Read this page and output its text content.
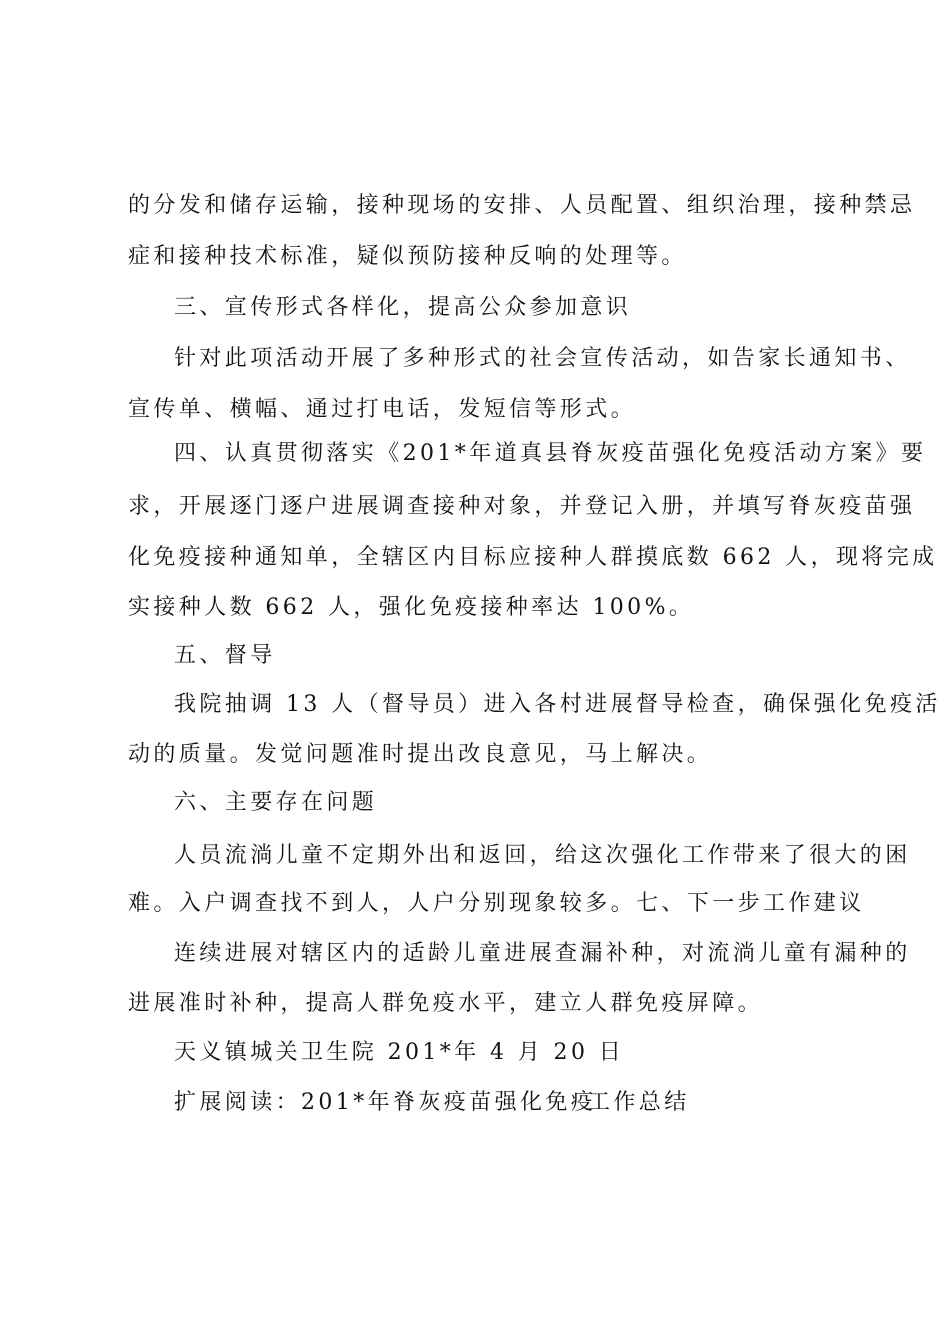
的分发和储存运输，接种现场的安排、人员配置、组织治理，接种禁忌
症和接种技术标准，疑似预防接种反响的处理等。
三、宣传形式各样化，提高公众参加意识
针对此项活动开展了多种形式的社会宣传活动，如告家长通知书、
宣传单、横幅、通过打电话，发短信等形式。
四、认真贯彻落实《201*年道真县脊灰疫苗强化免疫活动方案》要
求，开展逐门逐户进展调查接种对象，并登记入册，并填写脊灰疫苗强
化免疫接种通知单，全辖区内目标应接种人群摸底数 662 人，现将完成
实接种人数 662 人，强化免疫接种率达 100%。
五、督导
我院抽调 13 人（督导员）进入各村进展督导检查，确保强化免疫活
动的质量。发觉问题准时提出改良意见，马上解决。
六、主要存在问题
人员流淌儿童不定期外出和返回，给这次强化工作带来了很大的困
难。入户调查找不到人，人户分别现象较多。七、下一步工作建议
连续进展对辖区内的适龄儿童进展查漏补种，对流淌儿童有漏种的
进展准时补种，提高人群免疫水平，建立人群免疫屏障。
天义镇城关卫生院 201*年 4 月 20 日
扩展阅读：201*年脊灰疫苗强化免疫
工作总结
